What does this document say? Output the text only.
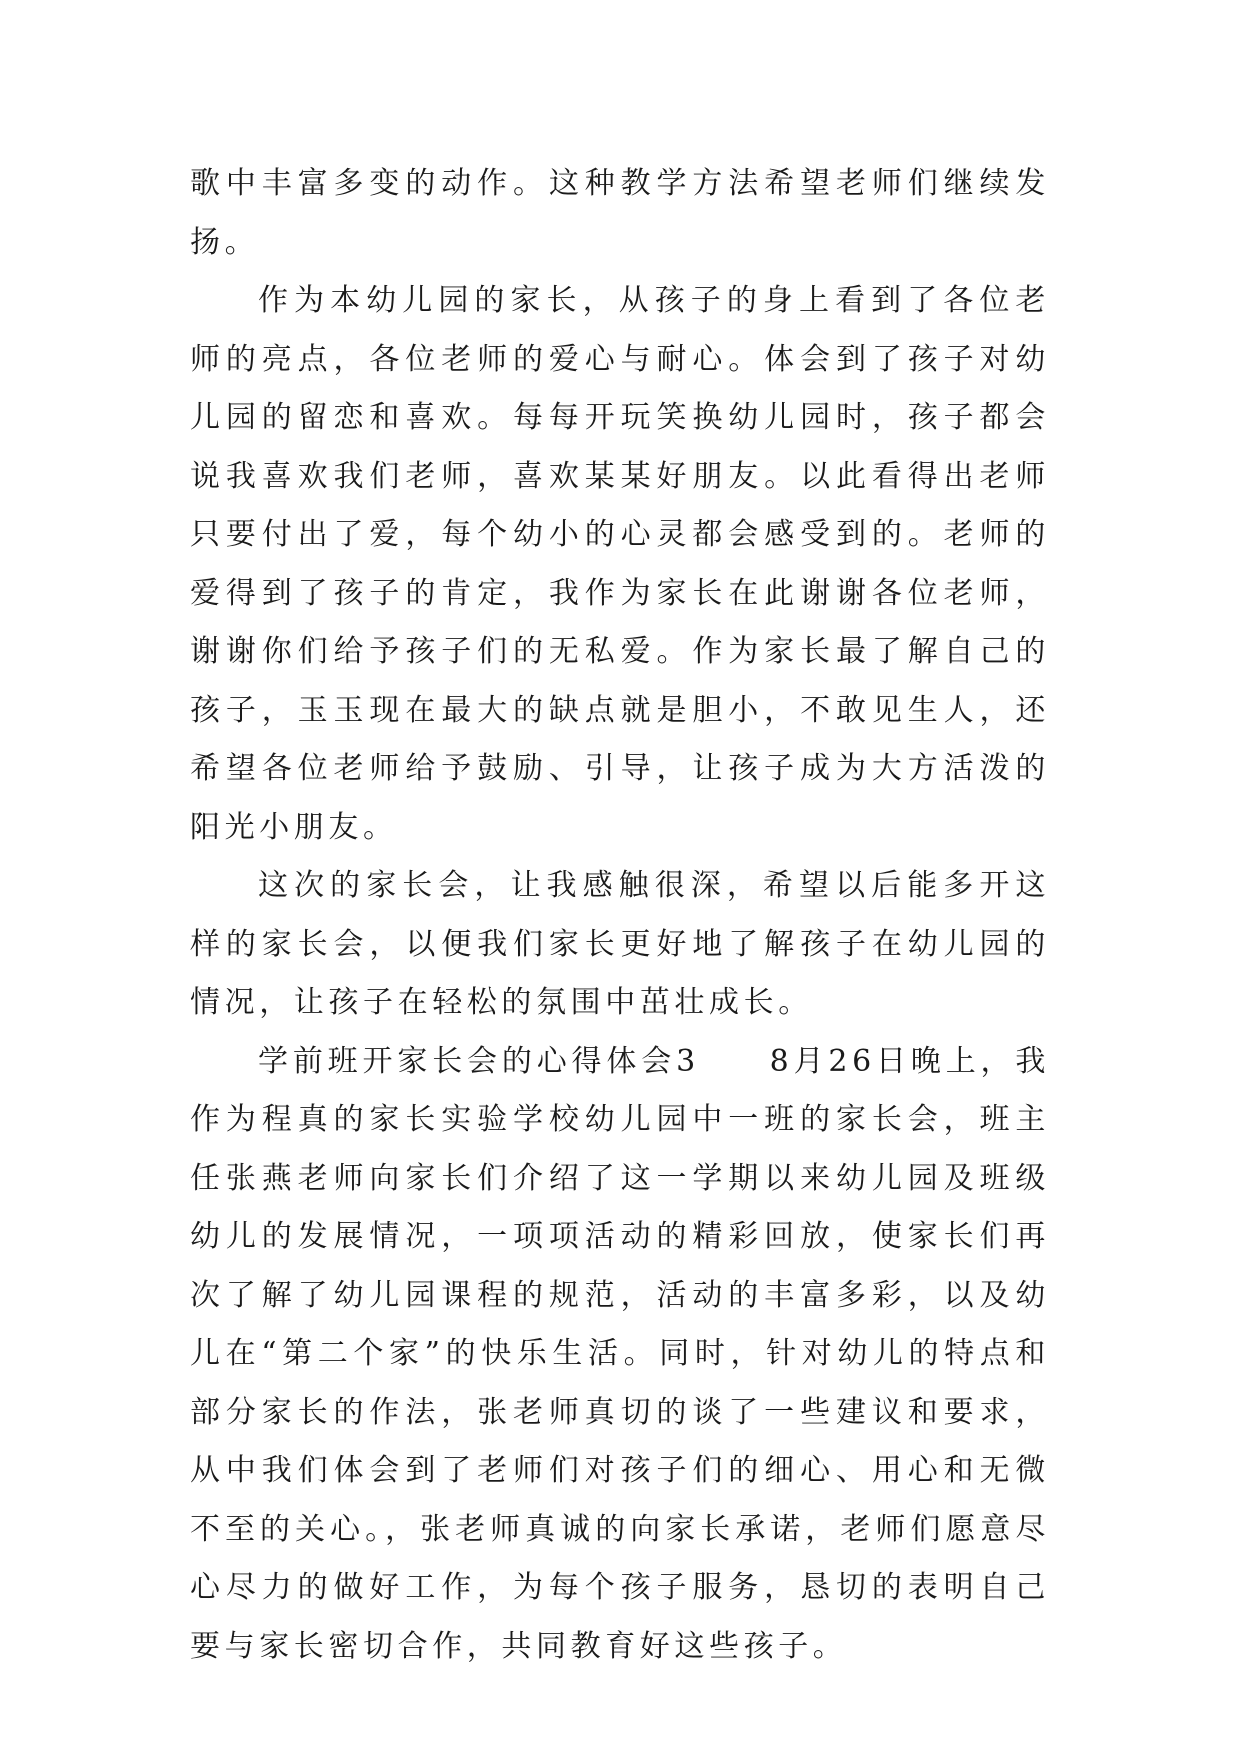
歌中丰富多变的动作。这种教学方法希望老师们继续发扬。

作为本幼儿园的家长，从孩子的身上看到了各位老师的亮点，各位老师的爱心与耐心。体会到了孩子对幼儿园的留恋和喜欢。每每开玩笑换幼儿园时，孩子都会说我喜欢我们老师，喜欢某某好朋友。以此看得出老师只要付出了爱，每个幼小的心灵都会感受到的。老师的爱得到了孩子的肯定，我作为家长在此谢谢各位老师，谢谢你们给予孩子们的无私爱。作为家长最了解自己的孩子，玉玉现在最大的缺点就是胆小，不敢见生人，还希望各位老师给予鼓励、引导，让孩子成为大方活泼的阳光小朋友。

这次的家长会，让我感触很深，希望以后能多开这样的家长会，以便我们家长更好地了解孩子在幼儿园的情况，让孩子在轻松的氛围中茁壮成长。

学前班开家长会的心得体会3　　8月26日晚上，我作为程真的家长实验学校幼儿园中一班的家长会，班主任张燕老师向家长们介绍了这一学期以来幼儿园及班级幼儿的发展情况，一项项活动的精彩回放，使家长们再次了解了幼儿园课程的规范，活动的丰富多彩，以及幼儿在“第二个家”的快乐生活。同时，针对幼儿的特点和部分家长的作法，张老师真切的谈了一些建议和要求，从中我们体会到了老师们对孩子们的细心、用心和无微不至的关心。，张老师真诚的向家长承诺，老师们愿意尽心尽力的做好工作，为每个孩子服务，恳切的表明自己要与家长密切合作，共同教育好这些孩子。
